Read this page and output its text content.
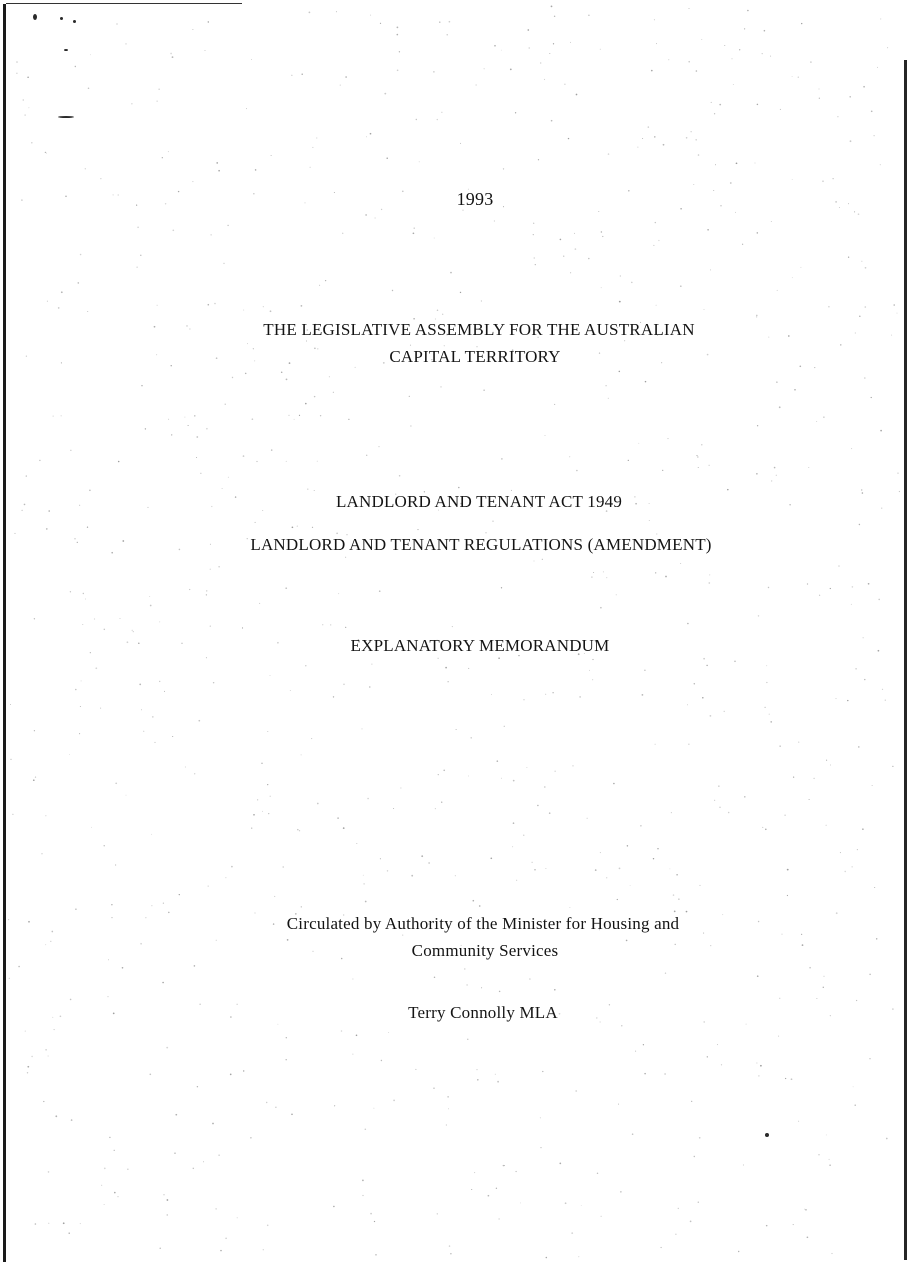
1993
THE LEGISLATIVE ASSEMBLY FOR THE AUSTRALIAN
CAPITAL TERRITORY
LANDLORD AND TENANT ACT 1949
LANDLORD AND TENANT REGULATIONS (AMENDMENT)
EXPLANATORY MEMORANDUM
Circulated by Authority of the Minister for Housing and
Community Services
Terry Connolly MLA
